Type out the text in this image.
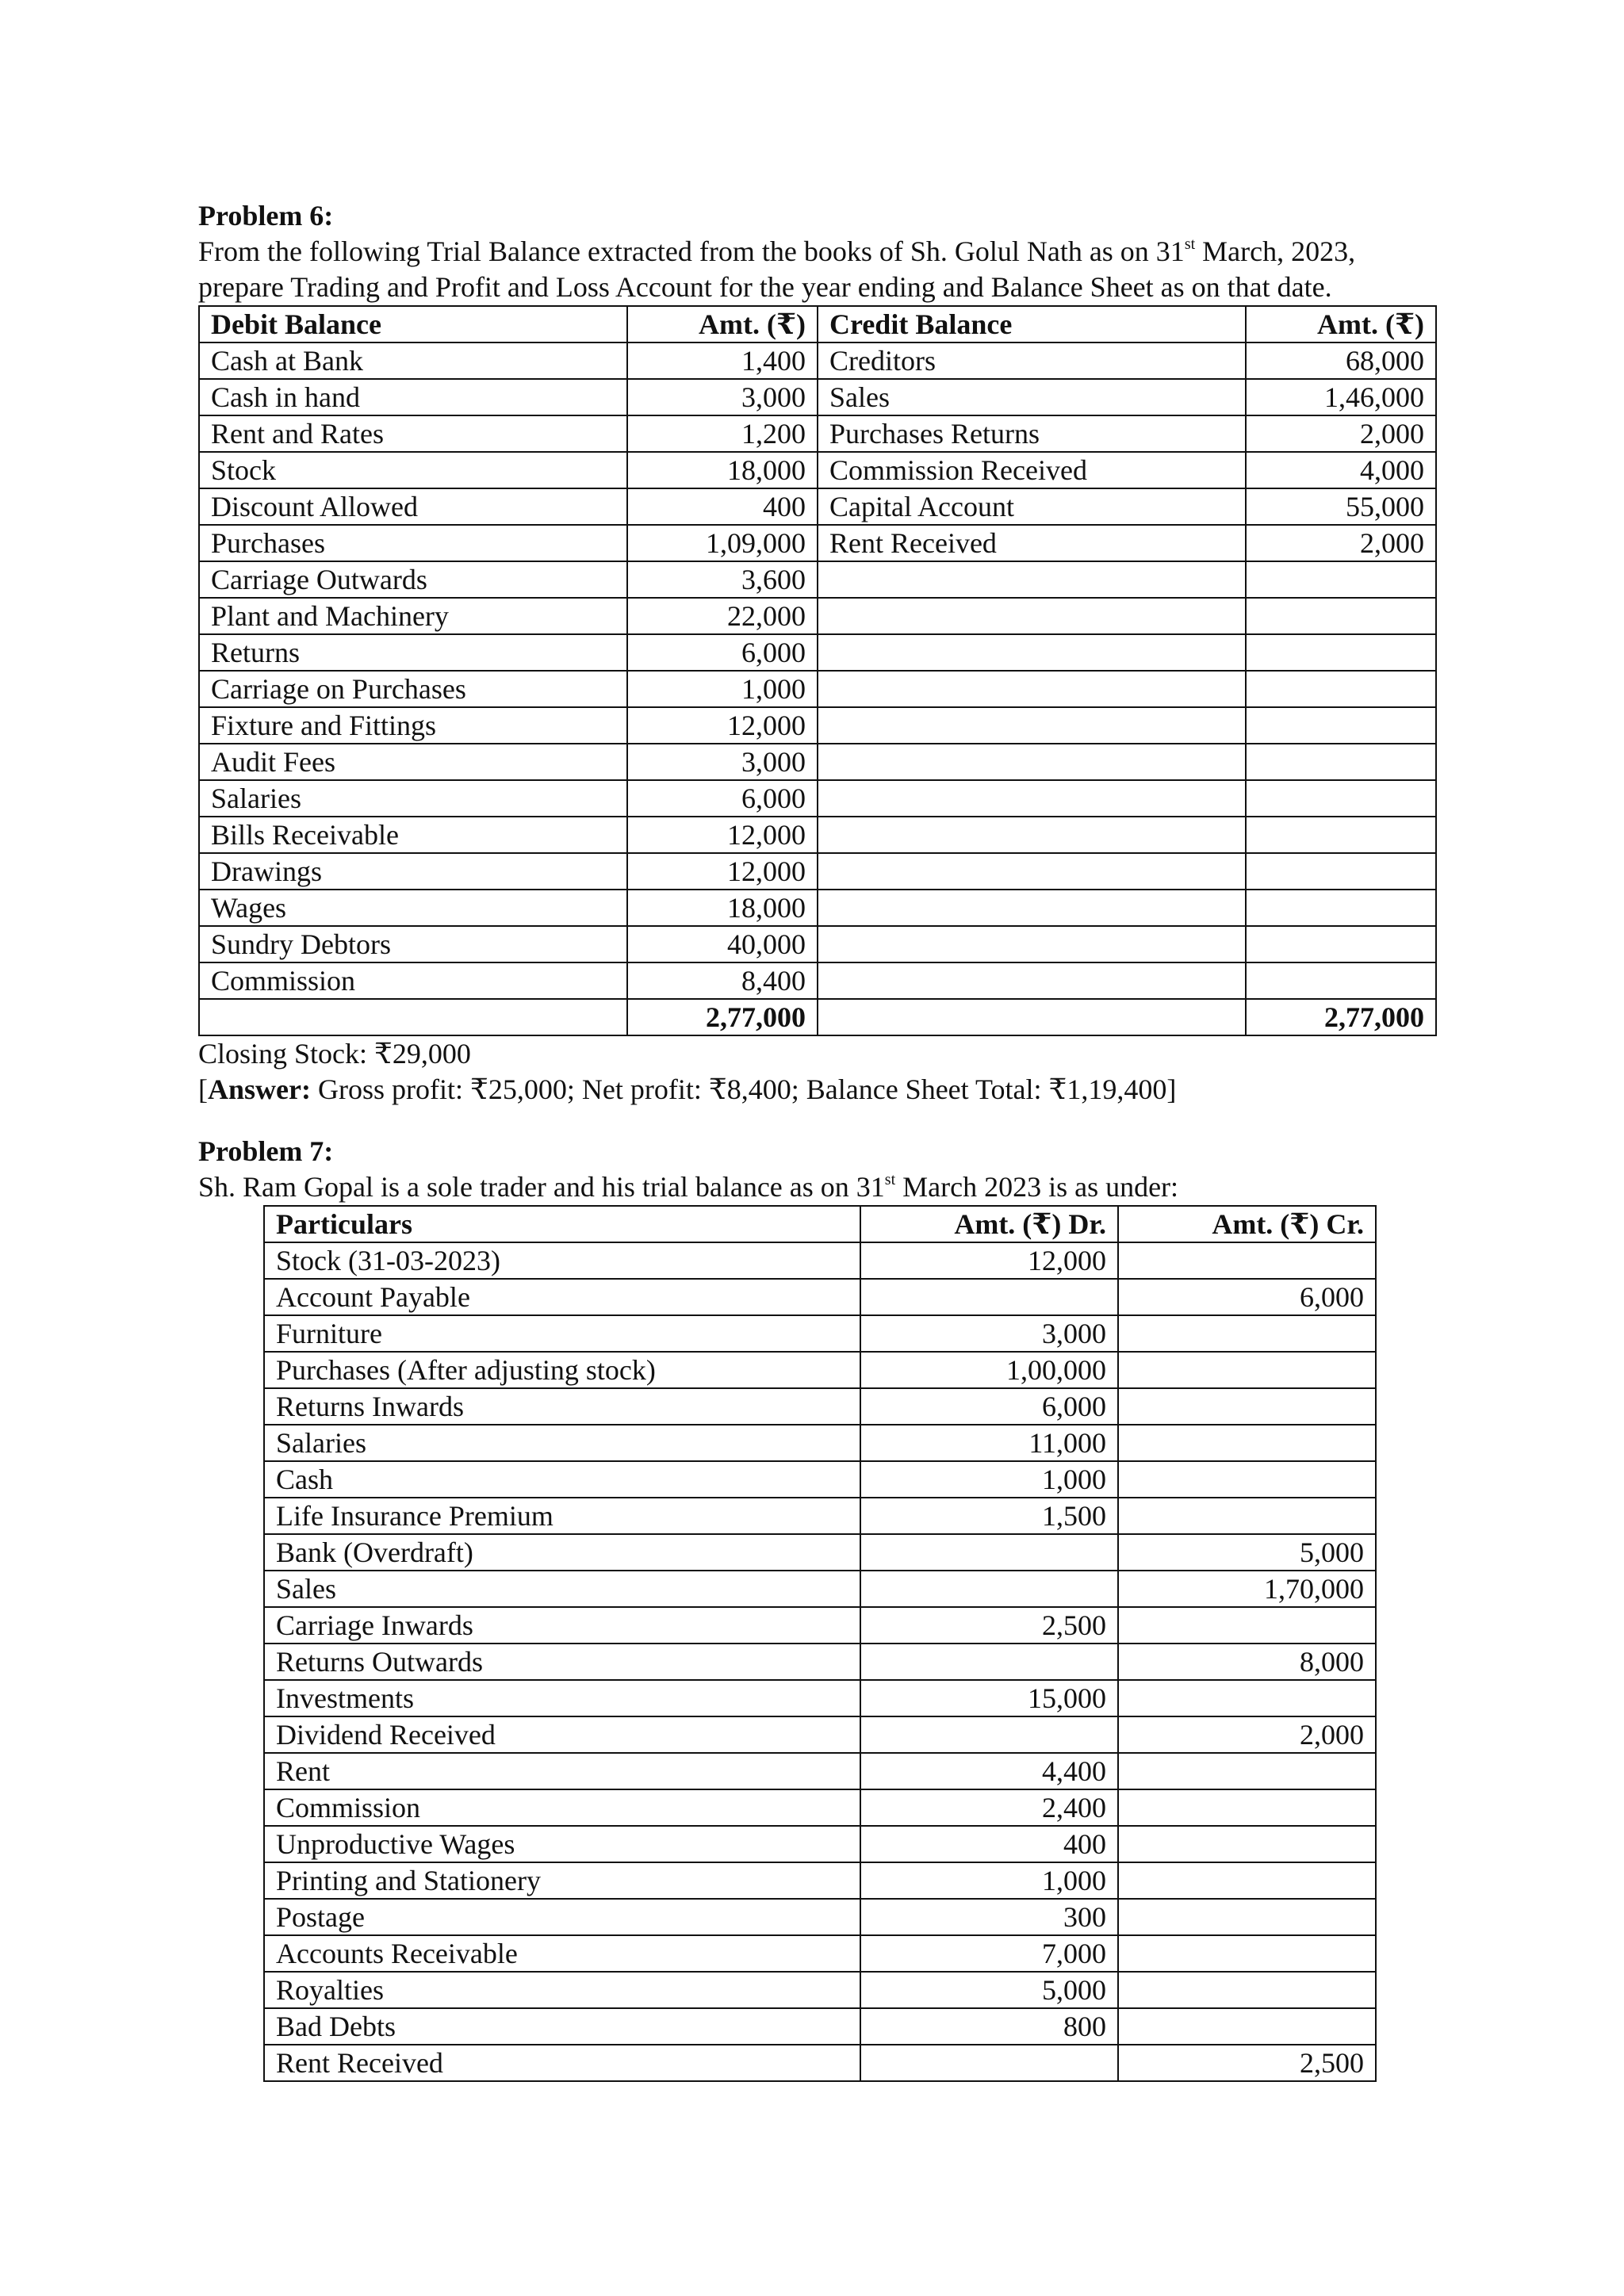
Problem 6:

From the following Trial Balance extracted from the books of Sh. Golul Nath as on 31st March, 2023,

prepare Trading and Profit and Loss Account for the year ending and Balance Sheet as on that date.

Debit Balance	Amt. (₹)	Credit Balance	Amt. (₹)
Cash at Bank	1,400	Creditors	68,000
Cash in hand	3,000	Sales	1,46,000
Rent and Rates	1,200	Purchases Returns	2,000
Stock	18,000	Commission Received	4,000
Discount Allowed	400	Capital Account	55,000
Purchases	1,09,000	Rent Received	2,000
Carriage Outwards	3,600		
Plant and Machinery	22,000		
Returns	6,000		
Carriage on Purchases	1,000		
Fixture and Fittings	12,000		
Audit Fees	3,000		
Salaries	6,000		
Bills Receivable	12,000		
Drawings	12,000		
Wages	18,000		
Sundry Debtors	40,000		
Commission	8,400		
	2,77,000		2,77,000

Closing Stock: ₹29,000

[Answer: Gross profit: ₹25,000; Net profit: ₹8,400; Balance Sheet Total: ₹1,19,400]

Problem 7:

Sh. Ram Gopal is a sole trader and his trial balance as on 31st March 2023 is as under:

Particulars	Amt. (₹) Dr.	Amt. (₹) Cr.
Stock (31-03-2023)	12,000	
Account Payable		6,000
Furniture	3,000	
Purchases (After adjusting stock)	1,00,000	
Returns Inwards	6,000	
Salaries	11,000	
Cash	1,000	
Life Insurance Premium	1,500	
Bank (Overdraft)		5,000
Sales		1,70,000
Carriage Inwards	2,500	
Returns Outwards		8,000
Investments	15,000	
Dividend Received		2,000
Rent	4,400	
Commission	2,400	
Unproductive Wages	400	
Printing and Stationery	1,000	
Postage	300	
Accounts Receivable	7,000	
Royalties	5,000	
Bad Debts	800	
Rent Received		2,500
